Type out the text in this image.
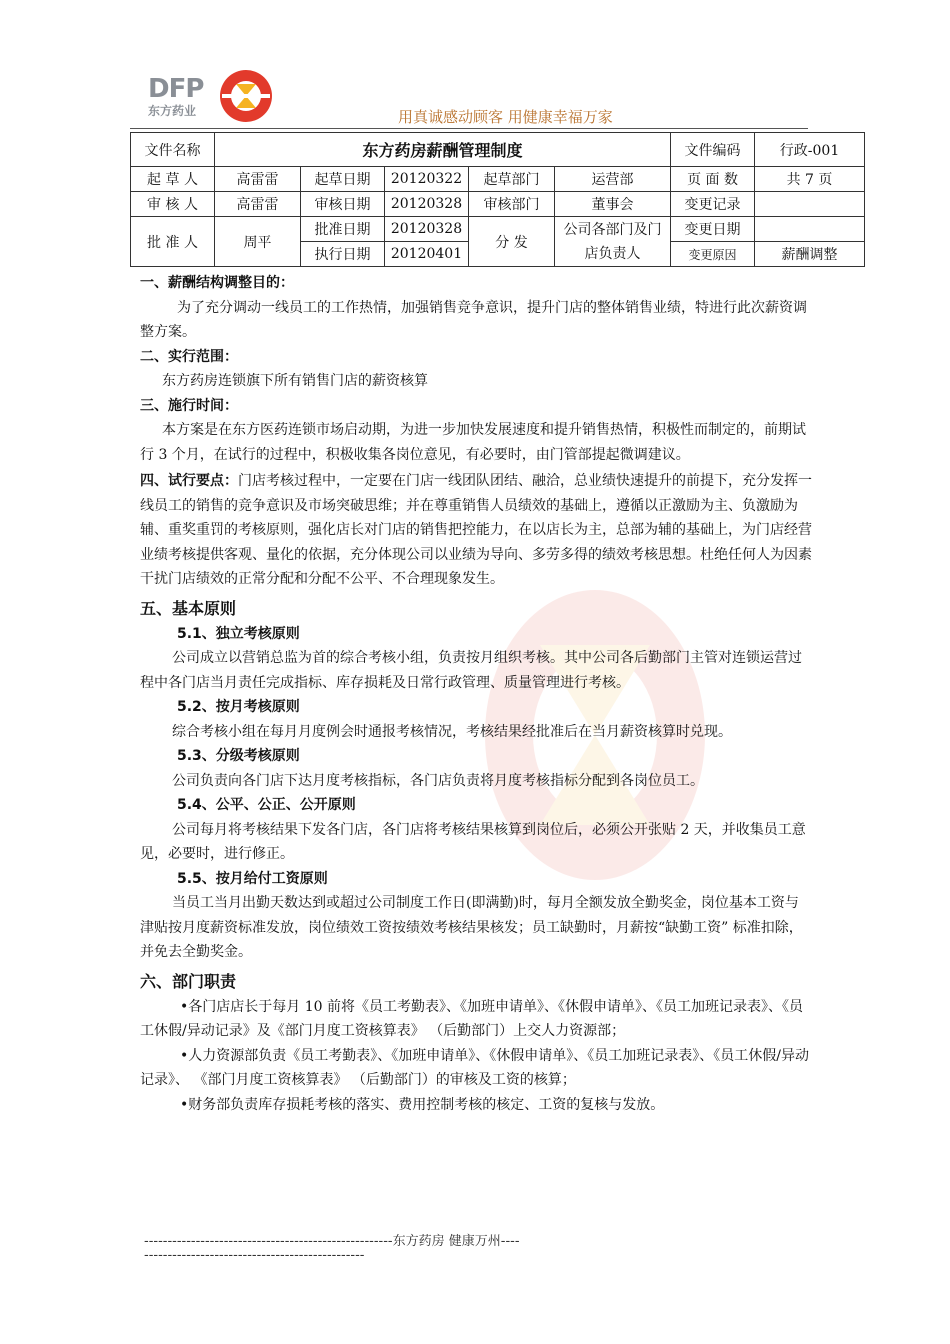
DFP
东方药业	用真诚感动顾客 用健康幸福万家
文件名称	东方药房薪酬管理制度					文件编码	行政-001
起 草 人	高雷雷	起草日期	20120322	起草部门	运营部	页 面 数	共 7 页
审 核 人	高雷雷	审核日期	20120328	审核部门	董事会	变更记录	
批 准 人	周平	批准日期	20120328	分 发	公司各部门及门店负责人	变更日期	
		执行日期	20120401			变更原因	薪酬调整

一、薪酬结构调整目的：

为了充分调动一线员工的工作热情，加强销售竞争意识，提升门店的整体销售业绩，特进行此次薪资调整方案。

二、实行范围：

东方药房连锁旗下所有销售门店的薪资核算

三、施行时间：

本方案是在东方医药连锁市场启动期，为进一步加快发展速度和提升销售热情，积极性而制定的，前期试行 3 个月，在试行的过程中，积极收集各岗位意见，有必要时，由门管部提起微调建议。

四、试行要点：门店考核过程中，一定要在门店一线团队团结、融洽，总业绩快速提升的前提下，充分发挥一线员工的销售的竞争意识及市场突破思维；并在尊重销售人员绩效的基础上，遵循以正激励为主、负激励为辅、重奖重罚的考核原则，强化店长对门店的销售把控能力，在以店长为主，总部为辅的基础上，为门店经营业绩考核提供客观、量化的依据，充分体现公司以业绩为导向、多劳多得的绩效考核思想。杜绝任何人为因素干扰门店绩效的正常分配和分配不公平、不合理现象发生。

五、基本原则

5.1、独立考核原则

公司成立以营销总监为首的综合考核小组，负责按月组织考核。其中公司各后勤部门主管对连锁运营过程中各门店当月责任完成指标、库存损耗及日常行政管理、质量管理进行考核。

5.2、按月考核原则

综合考核小组在每月月度例会时通报考核情况，考核结果经批准后在当月薪资核算时兑现。

5.3、分级考核原则

公司负责向各门店下达月度考核指标，各门店负责将月度考核指标分配到各岗位员工。

5.4、公平、公正、公开原则

公司每月将考核结果下发各门店，各门店将考核结果核算到岗位后，必须公开张贴 2 天，并收集员工意见，必要时，进行修正。

5.5、按月给付工资原则

当员工当月出勤天数达到或超过公司制度工作日(即满勤)时，每月全额发放全勤奖金，岗位基本工资与津贴按月度薪资标准发放，岗位绩效工资按绩效考核结果核发；员工缺勤时，月薪按“缺勤工资” 标准扣除，并免去全勤奖金。

六、部门职责

•各门店店长于每月 10 前将《员工考勤表》、《加班申请单》、《休假申请单》、《员工加班记录表》、《员工休假/异动记录》及《部门月度工资核算表》 （后勤部门）上交人力资源部；

•人力资源部负责《员工考勤表》、《加班申请单》、《休假申请单》、《员工加班记录表》、《员工休假/异动记录》、 《部门月度工资核算表》 （后勤部门）的审核及工资的核算；

•财务部负责库存损耗考核的落实、费用控制考核的核定、工资的复核与发放。

-----------------------------------------------------东方药房 健康万州----
-----------------------------------------------
